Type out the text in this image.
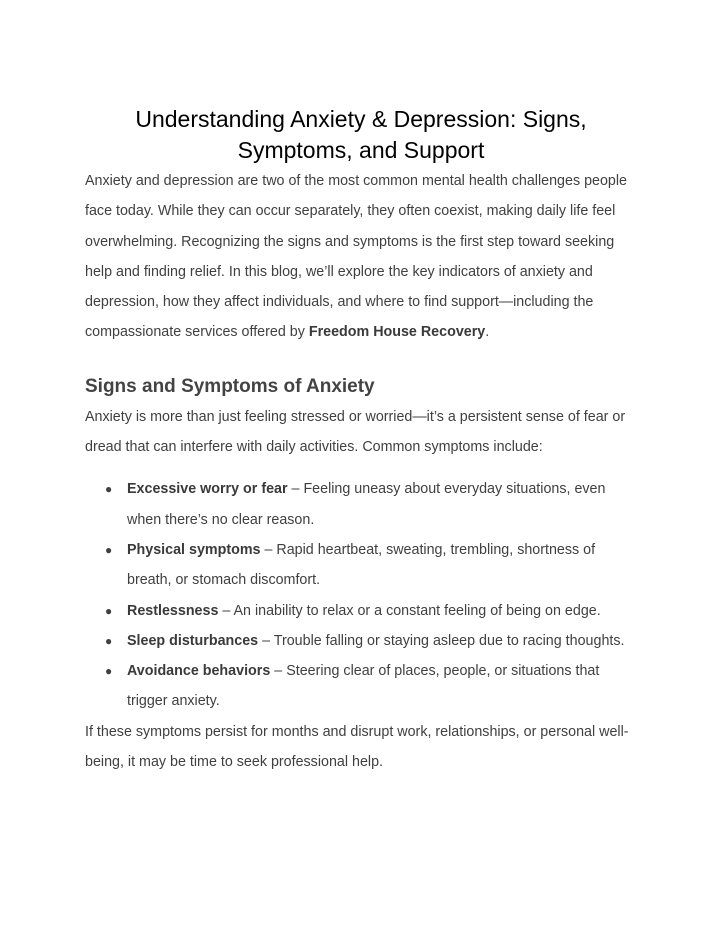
Understanding Anxiety & Depression: Signs, Symptoms, and Support

Anxiety and depression are two of the most common mental health challenges people face today. While they can occur separately, they often coexist, making daily life feel overwhelming. Recognizing the signs and symptoms is the first step toward seeking help and finding relief. In this blog, we’ll explore the key indicators of anxiety and depression, how they affect individuals, and where to find support—including the compassionate services offered by Freedom House Recovery.

Signs and Symptoms of Anxiety

Anxiety is more than just feeling stressed or worried—it’s a persistent sense of fear or dread that can interfere with daily activities. Common symptoms include:

● Excessive worry or fear – Feeling uneasy about everyday situations, even when there’s no clear reason.
● Physical symptoms – Rapid heartbeat, sweating, trembling, shortness of breath, or stomach discomfort.
● Restlessness – An inability to relax or a constant feeling of being on edge.
● Sleep disturbances – Trouble falling or staying asleep due to racing thoughts.
● Avoidance behaviors – Steering clear of places, people, or situations that trigger anxiety.

If these symptoms persist for months and disrupt work, relationships, or personal well-being, it may be time to seek professional help.
